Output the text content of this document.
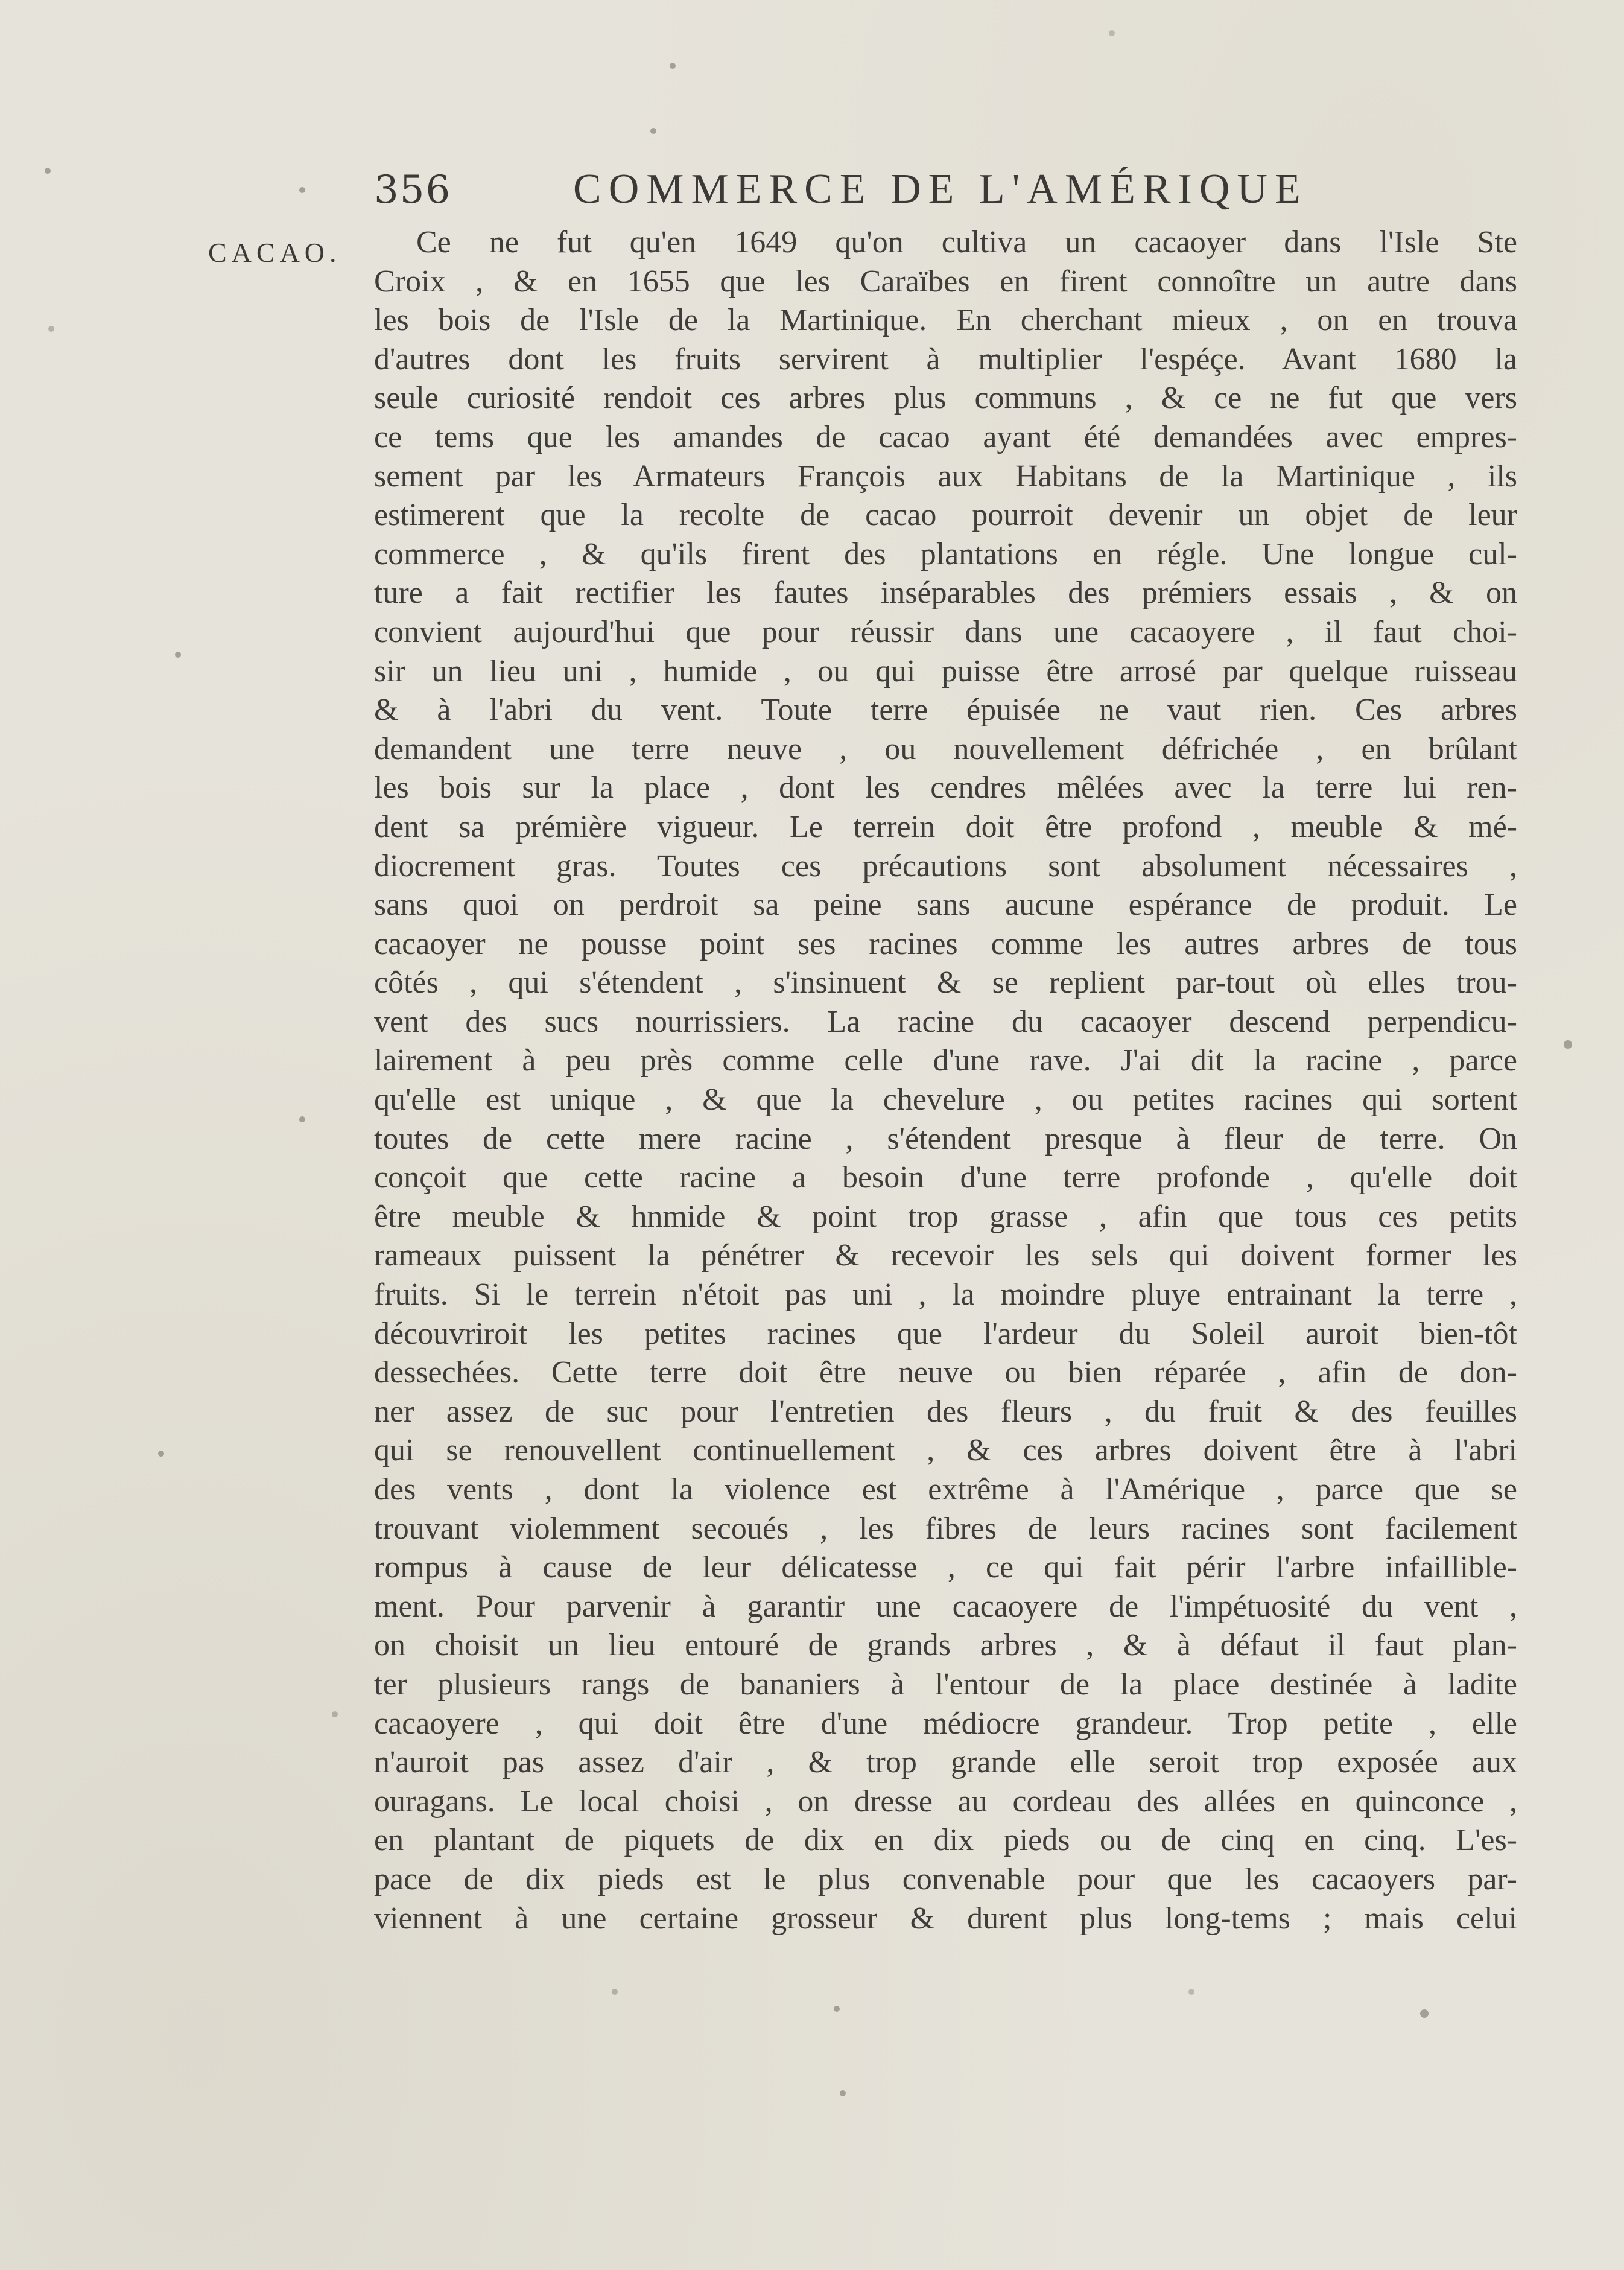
356	COMMERCE DE L'AMÉRIQUE
CACAO.	Ce ne fut qu'en 1649 qu'on cultiva un cacaoyer dans l'Isle Ste
Croix , & en 1655 que les Caraïbes en firent connoître un autre dans
les bois de l'Isle de la Martinique. En cherchant mieux , on en trouva
d'autres dont les fruits servirent à multiplier l'espéçe. Avant 1680 la
seule curiosité rendoit ces arbres plus communs , & ce ne fut que vers
ce tems que les amandes de cacao ayant été demandées avec empres-
sement par les Armateurs François aux Habitans de la Martinique , ils
estimerent que la recolte de cacao pourroit devenir un objet de leur
commerce , & qu'ils firent des plantations en régle. Une longue cul-
ture a fait rectifier les fautes inséparables des prémiers essais , & on
convient aujourd'hui que pour réussir dans une cacaoyere , il faut choi-
sir un lieu uni , humide , ou qui puisse être arrosé par quelque ruisseau
& à l'abri du vent. Toute terre épuisée ne vaut rien. Ces arbres
demandent une terre neuve , ou nouvellement défrichée , en brûlant
les bois sur la place , dont les cendres mêlées avec la terre lui ren-
dent sa prémière vigueur. Le terrein doit être profond , meuble & mé-
diocrement gras. Toutes ces précautions sont absolument nécessaires ,
sans quoi on perdroit sa peine sans aucune espérance de produit. Le
cacaoyer ne pousse point ses racines comme les autres arbres de tous
côtés , qui s'étendent , s'insinuent & se replient par-tout où elles trou-
vent des sucs nourrissiers. La racine du cacaoyer descend perpendicu-
lairement à peu près comme celle d'une rave. J'ai dit la racine , parce
qu'elle est unique , & que la chevelure , ou petites racines qui sortent
toutes de cette mere racine , s'étendent presque à fleur de terre. On
conçoit que cette racine a besoin d'une terre profonde , qu'elle doit
être meuble & hnmide & point trop grasse , afin que tous ces petits
rameaux puissent la pénétrer & recevoir les sels qui doivent former les
fruits. Si le terrein n'étoit pas uni , la moindre pluye entrainant la terre ,
découvriroit les petites racines que l'ardeur du Soleil auroit bien-tôt
dessechées. Cette terre doit être neuve ou bien réparée , afin de don-
ner assez de suc pour l'entretien des fleurs , du fruit & des feuilles
qui se renouvellent continuellement , & ces arbres doivent être à l'abri
des vents , dont la violence est extrême à l'Amérique , parce que se
trouvant violemment secoués , les fibres de leurs racines sont facilement
rompus à cause de leur délicatesse , ce qui fait périr l'arbre infaillible-
ment. Pour parvenir à garantir une cacaoyere de l'impétuosité du vent ,
on choisit un lieu entouré de grands arbres , & à défaut il faut plan-
ter plusieurs rangs de bananiers à l'entour de la place destinée à ladite
cacaoyere , qui doit être d'une médiocre grandeur. Trop petite , elle
n'auroit pas assez d'air , & trop grande elle seroit trop exposée aux
ouragans. Le local choisi , on dresse au cordeau des allées en quinconce ,
en plantant de piquets de dix en dix pieds ou de cinq en cinq. L'es-
pace de dix pieds est le plus convenable pour que les cacaoyers par-
viennent à une certaine grosseur & durent plus long-tems ; mais celui
